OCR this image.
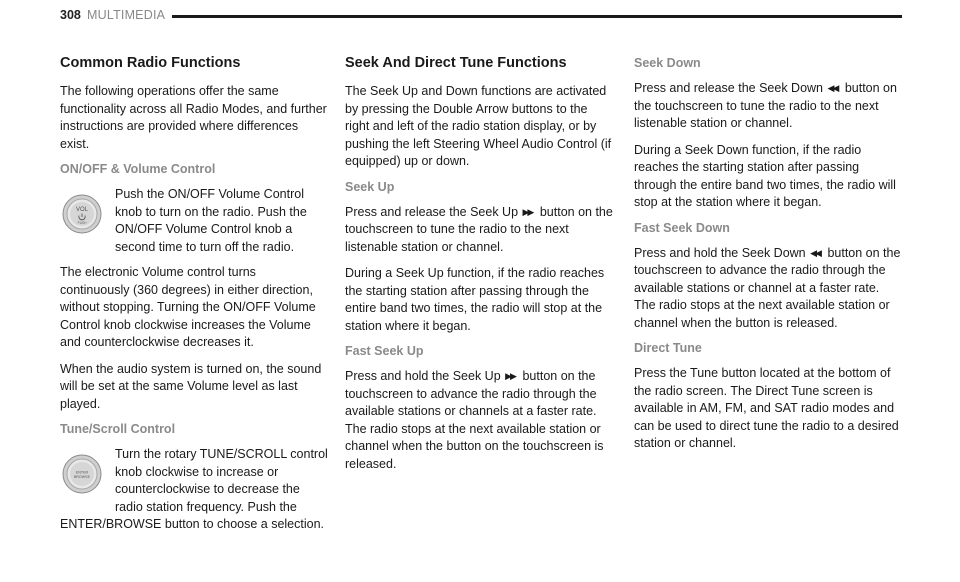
308 MULTIMEDIA
Common Radio Functions

The following operations offer the same functionality across all Radio Modes, and further instructions are provided where differences exist.

ON/OFF & Volume Control
VOL
PUSH

Push the ON/OFF Volume Control knob to turn on the radio. Push the ON/OFF Volume Control knob a second time to turn off the radio.

The electronic Volume control turns continuously (360 degrees) in either direction, without stopping. Turning the ON/OFF Volume Control knob clockwise increases the Volume and counterclockwise decreases it.

When the audio system is turned on, the sound will be set at the same Volume level as last played.

Tune/Scroll Control
ENTER
BROWSE

Turn the rotary TUNE/SCROLL control knob clockwise to increase or counterclockwise to decrease the radio station frequency. Push the

ENTER/BROWSE button to choose a selection.

Seek And Direct Tune Functions

The Seek Up and Down functions are activated by pressing the Double Arrow buttons to the right and left of the radio station display, or by pushing the left Steering Wheel Audio Control (if equipped) up or down.

Seek Up

Press and release the Seek Up ▶▶ button on the touchscreen to tune the radio to the next listenable station or channel.

During a Seek Up function, if the radio reaches the starting station after passing through the entire band two times, the radio will stop at the station where it began.

Fast Seek Up

Press and hold the Seek Up ▶▶ button on the touchscreen to advance the radio through the available stations or channels at a faster rate. The radio stops at the next available station or channel when the button on the touchscreen is released.

Seek Down

Press and release the Seek Down ◀◀ button on the touchscreen to tune the radio to the next listenable station or channel.

During a Seek Down function, if the radio reaches the starting station after passing through the entire band two times, the radio will stop at the station where it began.

Fast Seek Down

Press and hold the Seek Down ◀◀ button on the touchscreen to advance the radio through the available stations or channel at a faster rate. The radio stops at the next available station or channel when the button is released.

Direct Tune

Press the Tune button located at the bottom of the radio screen. The Direct Tune screen is available in AM, FM, and SAT radio modes and can be used to direct tune the radio to a desired station or channel.
